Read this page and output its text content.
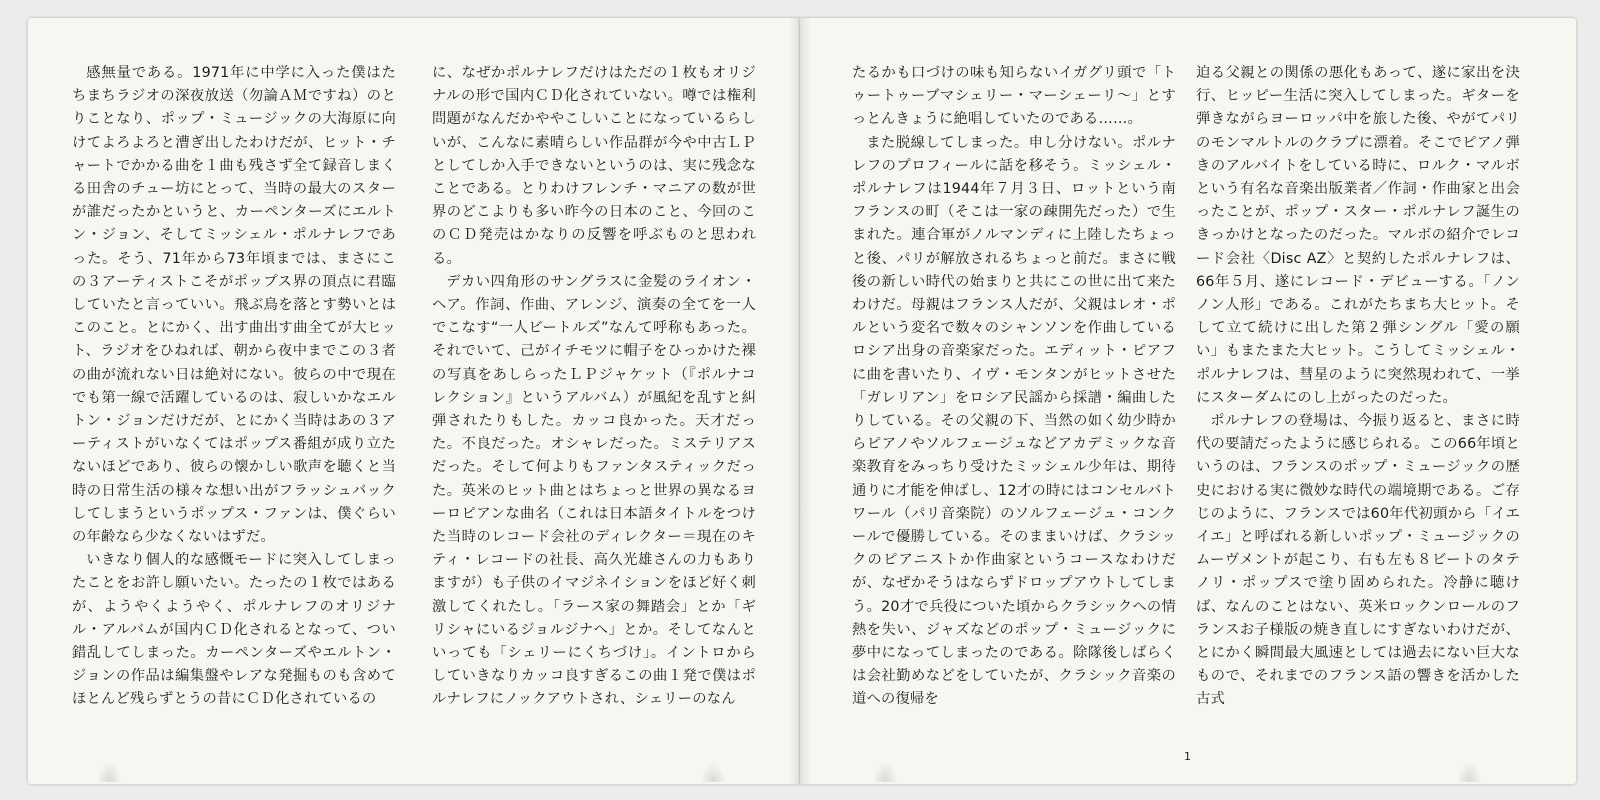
感無量である。1971年に中学に入った僕はたちまちラジオの深夜放送（勿論ＡＭですね）のとりことなり、ポップ・ミュージックの大海原に向けてよろよろと漕ぎ出したわけだが、ヒット・チャートでかかる曲を１曲も残さず全て録音しまくる田舎のチュー坊にとって、当時の最大のスターが誰だったかというと、カーペンターズにエルトン・ジョン、そしてミッシェル・ポルナレフであった。そう、71年から73年頃までは、まさにこの３アーティストこそがポップス界の頂点に君臨していたと言っていい。飛ぶ鳥を落とす勢いとはこのこと。とにかく、出す曲出す曲全てが大ヒット、ラジオをひねれば、朝から夜中までこの３者の曲が流れない日は絶対にない。彼らの中で現在でも第一線で活躍しているのは、寂しいかなエルトン・ジョンだけだが、とにかく当時はあの３アーティストがいなくてはポップス番組が成り立たないほどであり、彼らの懐かしい歌声を聴くと当時の日常生活の様々な想い出がフラッシュバックしてしまうというポップス・ファンは、僕ぐらいの年齢なら少なくないはずだ。

いきなり個人的な感慨モードに突入してしまったことをお許し願いたい。たったの１枚ではあるが、ようやくようやく、ポルナレフのオリジナル・アルバムが国内ＣＤ化されるとなって、つい錯乱してしまった。カーペンターズやエルトン・ジョンの作品は編集盤やレアな発掘ものも含めてほとんど残らずとうの昔にＣＤ化されているの

に、なぜかポルナレフだけはただの１枚もオリジナルの形で国内ＣＤ化されていない。噂では権利問題がなんだかややこしいことになっているらしいが、こんなに素晴らしい作品群が今や中古ＬＰとしてしか入手できないというのは、実に残念なことである。とりわけフレンチ・マニアの数が世界のどこよりも多い昨今の日本のこと、今回のこのＣＤ発売はかなりの反響を呼ぶものと思われる。

デカい四角形のサングラスに金髪のライオン・ヘア。作詞、作曲、アレンジ、演奏の全てを一人でこなす“一人ビートルズ”なんて呼称もあった。それでいて、己がイチモツに帽子をひっかけた裸の写真をあしらったＬＰジャケット（『ポルナコレクション』というアルバム）が風紀を乱すと糾弾されたりもした。カッコ良かった。天才だった。不良だった。オシャレだった。ミステリアスだった。そして何よりもファンタスティックだった。英米のヒット曲とはちょっと世界の異なるヨーロピアンな曲名（これは日本語タイトルをつけた当時のレコード会社のディレクター＝現在のキティ・レコードの社長、高久光雄さんの力もありますが）も子供のイマジネイションをほど好く刺激してくれたし。「ラース家の舞踏会」とか「ギリシャにいるジョルジナへ」とか。そしてなんといっても「シェリーにくちづけ」。イントロからしていきなりカッコ良すぎるこの曲１発で僕はポルナレフにノックアウトされ、シェリーのなん

たるかも口づけの味も知らないイガグリ頭で「トゥートゥーブマシェリー・マーシェーリ～」とすっとんきょうに絶唱していたのである……。

また脱線してしまった。申し分けない。ポルナレフのプロフィールに話を移そう。ミッシェル・ポルナレフは1944年７月３日、ロットという南フランスの町（そこは一家の疎開先だった）で生まれた。連合軍がノルマンディに上陸したちょっと後、パリが解放されるちょっと前だ。まさに戦後の新しい時代の始まりと共にこの世に出て来たわけだ。母親はフランス人だが、父親はレオ・ポルという変名で数々のシャンソンを作曲しているロシア出身の音楽家だった。エディット・ピアフに曲を書いたり、イヴ・モンタンがヒットさせた「ガレリアン」をロシア民謡から採譜・編曲したりしている。その父親の下、当然の如く幼少時からピアノやソルフェージュなどアカデミックな音楽教育をみっちり受けたミッシェル少年は、期待通りに才能を伸ばし、12才の時にはコンセルバトワール（パリ音楽院）のソルフェージュ・コンクールで優勝している。そのままいけば、クラシックのピアニストか作曲家というコースなわけだが、なぜかそうはならずドロップアウトしてしまう。20才で兵役についた頃からクラシックへの情熱を失い、ジャズなどのポップ・ミュージックに夢中になってしまったのである。除隊後しばらくは会社勤めなどをしていたが、クラシック音楽の道への復帰を

迫る父親との関係の悪化もあって、遂に家出を決行、ヒッピー生活に突入してしまった。ギターを弾きながらヨーロッパ中を旅した後、やがてパリのモンマルトルのクラブに漂着。そこでピアノ弾きのアルバイトをしている時に、ロルク・マルボという有名な音楽出版業者／作詞・作曲家と出会ったことが、ポップ・スター・ポルナレフ誕生のきっかけとなったのだった。マルボの紹介でレコード会社〈Disc AZ〉と契約したポルナレフは、66年５月、遂にレコード・デビューする。「ノンノン人形」である。これがたちまち大ヒット。そして立て続けに出した第２弾シングル「愛の願い」もまたまた大ヒット。こうしてミッシェル・ポルナレフは、彗星のように突然現われて、一挙にスターダムにのし上がったのだった。

ポルナレフの登場は、今振り返ると、まさに時代の要請だったように感じられる。この66年頃というのは、フランスのポップ・ミュージックの歴史における実に微妙な時代の端境期である。ご存じのように、フランスでは60年代初頭から「イエイエ」と呼ばれる新しいポップ・ミュージックのムーヴメントが起こり、右も左も８ビートのタテノリ・ポップスで塗り固められた。冷静に聴けば、なんのことはない、英米ロックンロールのフランスお子様版の焼き直しにすぎないわけだが、とにかく瞬間最大風速としては過去にない巨大なもので、それまでのフランス語の響きを活かした古式

1
